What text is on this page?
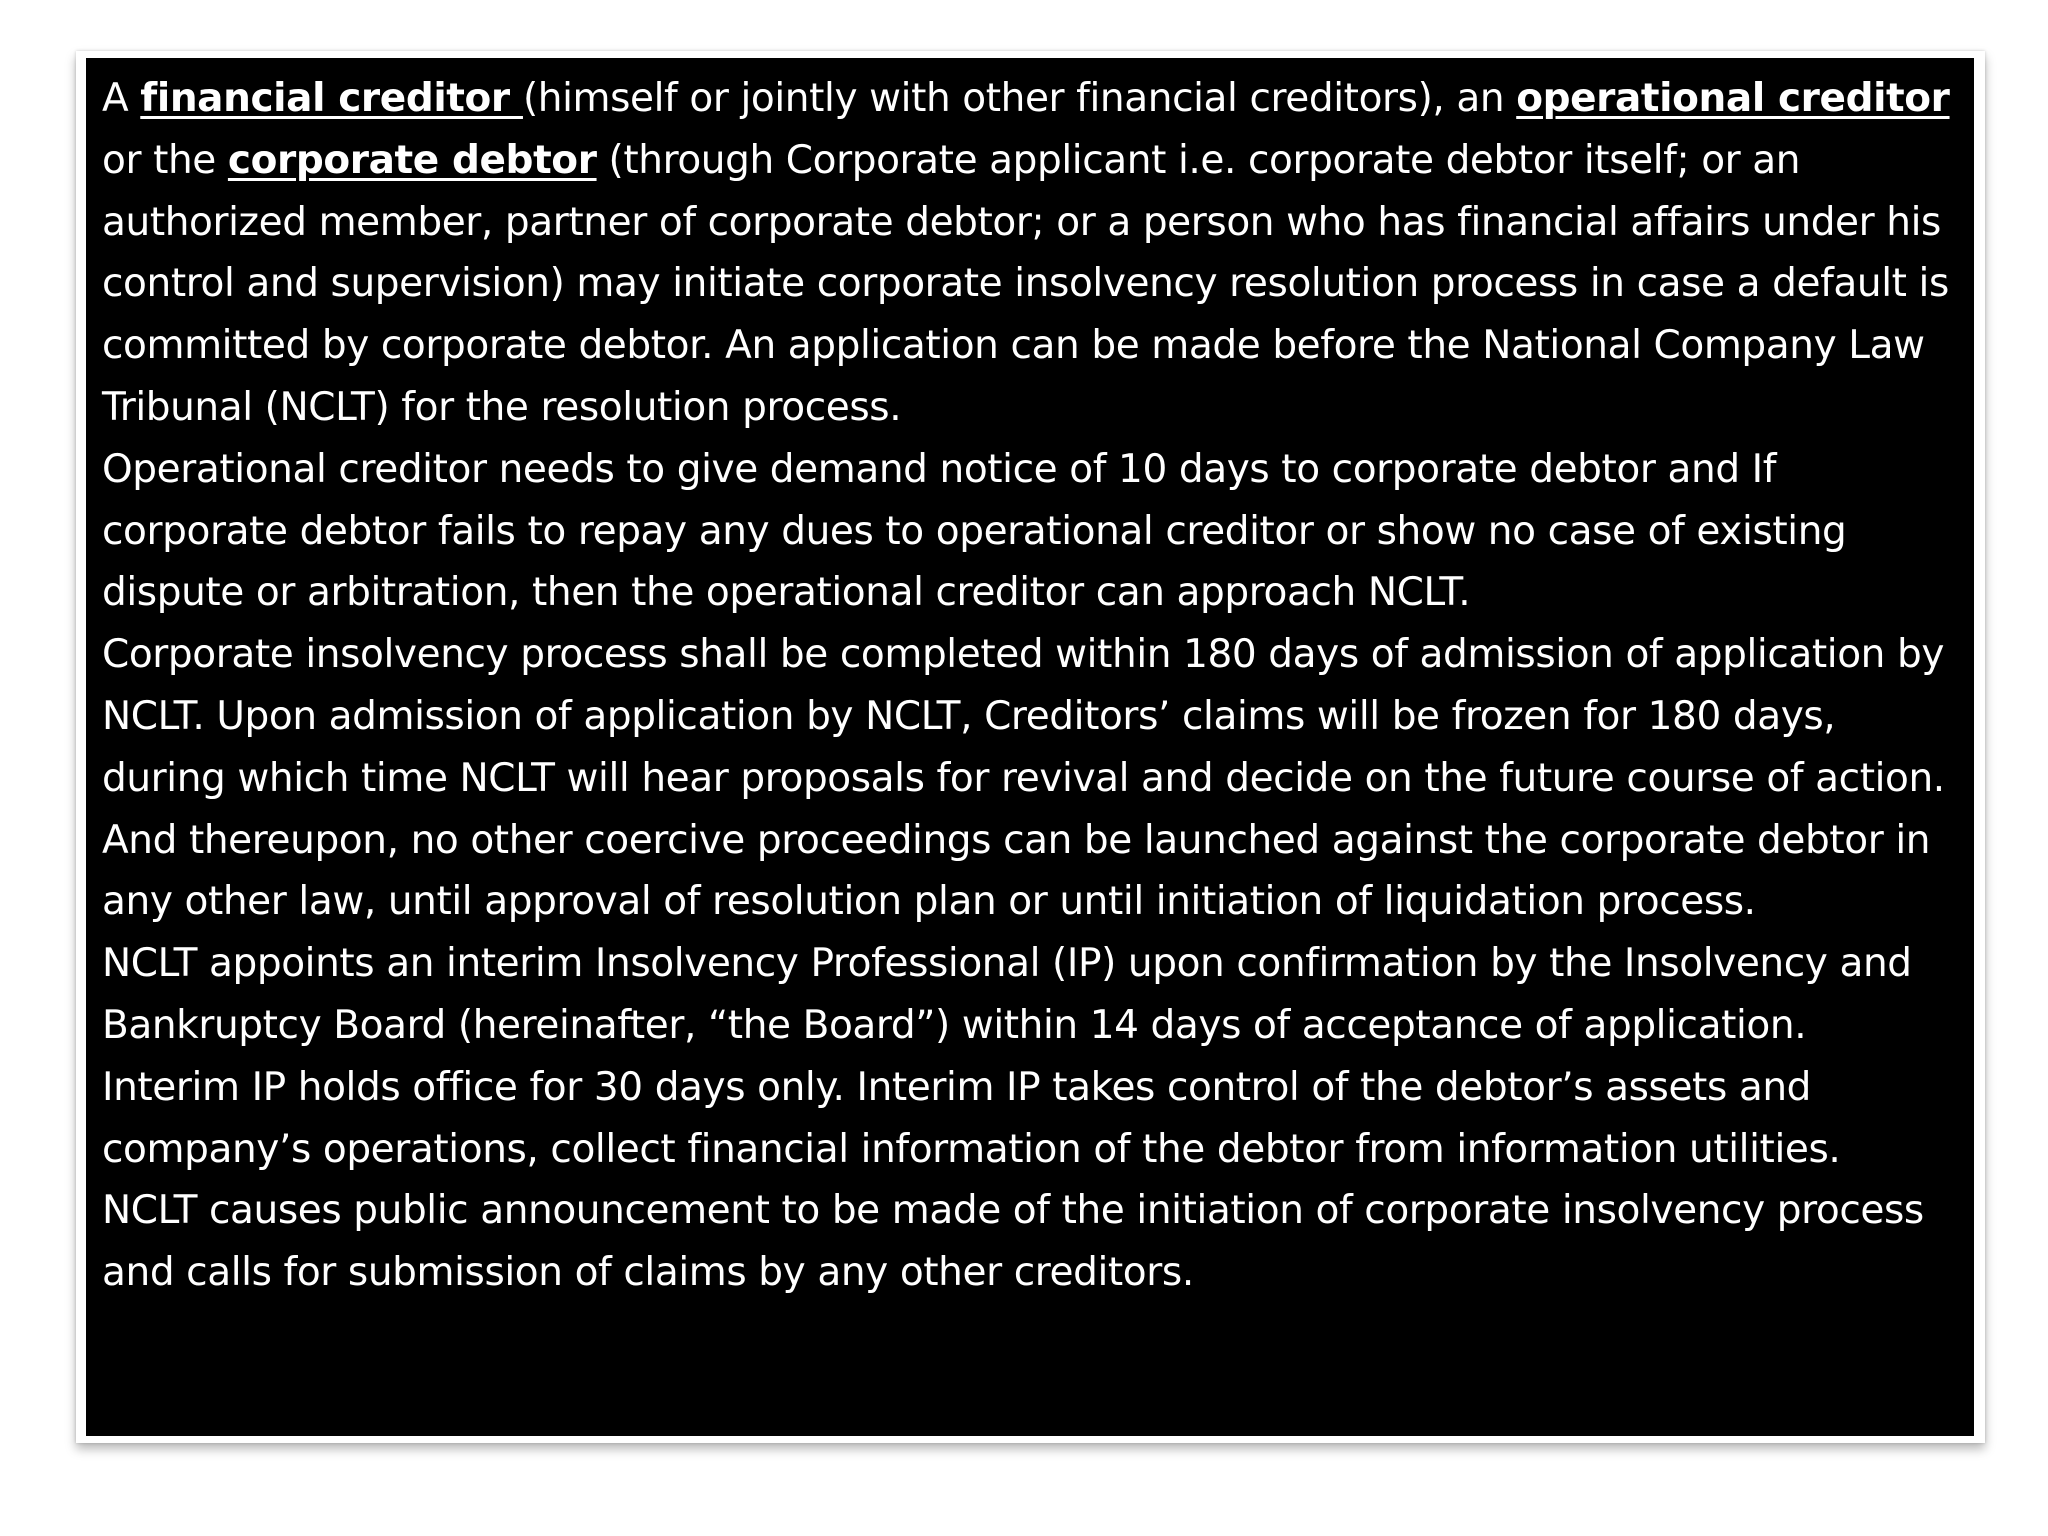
A financial creditor (himself or jointly with other financial creditors), an operational creditor or the corporate debtor (through Corporate applicant i.e. corporate debtor itself; or an authorized member, partner of corporate debtor; or a person who has financial affairs under his control and supervision) may initiate corporate insolvency resolution process in case a default is committed by corporate debtor. An application can be made before the National Company Law Tribunal (NCLT) for the resolution process.

Operational creditor needs to give demand notice of 10 days to corporate debtor and If corporate debtor fails to repay any dues to operational creditor or show no case of existing dispute or arbitration, then the operational creditor can approach NCLT.

Corporate insolvency process shall be completed within 180 days of admission of application by NCLT. Upon admission of application by NCLT, Creditors’ claims will be frozen for 180 days, during which time NCLT will hear proposals for revival and decide on the future course of action. And thereupon, no other coercive proceedings can be launched against the corporate debtor in any other law, until approval of resolution plan or until initiation of liquidation process.

NCLT appoints an interim Insolvency Professional (IP) upon confirmation by the Insolvency and Bankruptcy Board (hereinafter, “the Board”) within 14 days of acceptance of application. Interim IP holds office for 30 days only. Interim IP takes control of the debtor’s assets and company’s operations, collect financial information of the debtor from information utilities.

NCLT causes public announcement to be made of the initiation of corporate insolvency process and calls for submission of claims by any other creditors.
